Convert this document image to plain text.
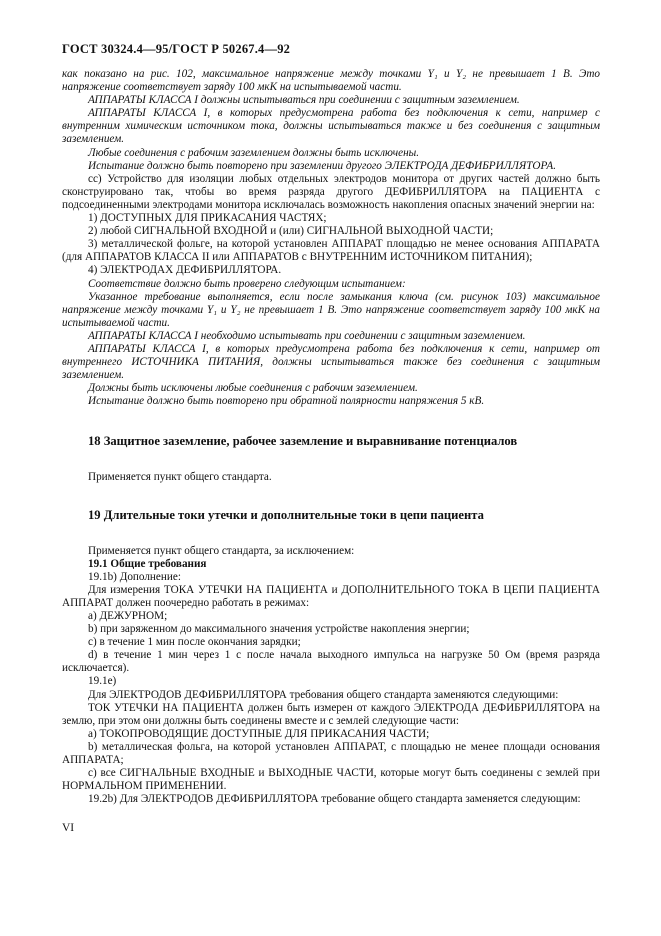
ГОСТ 30324.4—95/ГОСТ Р 50267.4—92

как показано на рис. 102, максимальное напряжение между точками Y₁ и Y₂ не превышает 1 В. Это напряжение соответствует заряду 100 мкК на испытываемой части.

АППАРАТЫ КЛАССА I должны испытываться при соединении с защитным заземлением.

АППАРАТЫ КЛАССА I, в которых предусмотрена работа без подключения к сети, например с внутренним химическим источником тока, должны испытываться также и без соединения с защитным заземлением.

Любые соединения с рабочим заземлением должны быть исключены.

Испытание должно быть повторено при заземлении другого ЭЛЕКТРОДА ДЕФИБРИЛЛЯТОРА.

cc) Устройство для изоляции любых отдельных электродов монитора от других частей должно быть сконструировано так, чтобы во время разряда другого ДЕФИБРИЛЛЯТОРА на ПАЦИЕНТА с подсоединенными электродами монитора исключалась возможность накопления опасных значений энергии на:

1) ДОСТУПНЫХ ДЛЯ ПРИКАСАНИЯ ЧАСТЯХ;

2) любой СИГНАЛЬНОЙ ВХОДНОЙ и (или) СИГНАЛЬНОЙ ВЫХОДНОЙ ЧАСТИ;

3) металлической фольге, на которой установлен АППАРАТ площадью не менее основания АППАРАТА (для АППАРАТОВ КЛАССА II или АППАРАТОВ с ВНУТРЕННИМ ИСТОЧНИКОМ ПИТАНИЯ);

4) ЭЛЕКТРОДАХ ДЕФИБРИЛЛЯТОРА.

Соответствие должно быть проверено следующим испытанием:

Указанное требование выполняется, если после замыкания ключа (см. рисунок 103) максимальное напряжение между точками Y₁ и Y₂ не превышает 1 В. Это напряжение соответствует заряду 100 мкК на испытываемой части.

АППАРАТЫ КЛАССА I необходимо испытывать при соединении с защитным заземлением.

АППАРАТЫ КЛАССА I, в которых предусмотрена работа без подключения к сети, например от внутреннего ИСТОЧНИКА ПИТАНИЯ, должны испытываться также без соединения с защитным заземлением.

Должны быть исключены любые соединения с рабочим заземлением.

Испытание должно быть повторено при обратной полярности напряжения 5 кВ.

18 Защитное заземление, рабочее заземление и выравнивание потенциалов

Применяется пункт общего стандарта.

19 Длительные токи утечки и дополнительные токи в цепи пациента

Применяется пункт общего стандарта, за исключением:

19.1 Общие требования

19.1b) Дополнение:

Для измерения ТОКА УТЕЧКИ НА ПАЦИЕНТА и ДОПОЛНИТЕЛЬНОГО ТОКА В ЦЕПИ ПАЦИЕНТА АППАРАТ должен поочередно работать в режимах:

a) ДЕЖУРНОМ;

b) при заряженном до максимального значения устройстве накопления энергии;

c) в течение 1 мин после окончания зарядки;

d) в течение 1 мин через 1 с после начала выходного импульса на нагрузке 50 Ом (время разряда исключается).

19.1e)

Для ЭЛЕКТРОДОВ ДЕФИБРИЛЛЯТОРА требования общего стандарта заменяются следующими:

ТОК УТЕЧКИ НА ПАЦИЕНТА должен быть измерен от каждого ЭЛЕКТРОДА ДЕФИБРИЛЛЯТОРА на землю, при этом они должны быть соединены вместе и с землей следующие части:

a) ТОКОПРОВОДЯЩИЕ ДОСТУПНЫЕ ДЛЯ ПРИКАСАНИЯ ЧАСТИ;

b) металлическая фольга, на которой установлен АППАРАТ, с площадью не менее площади основания АППАРАТА;

c) все СИГНАЛЬНЫЕ ВХОДНЫЕ и ВЫХОДНЫЕ ЧАСТИ, которые могут быть соединены с землей при НОРМАЛЬНОМ ПРИМЕНЕНИИ.

19.2b) Для ЭЛЕКТРОДОВ ДЕФИБРИЛЛЯТОРА требование общего стандарта заменяется следующим:

VI
